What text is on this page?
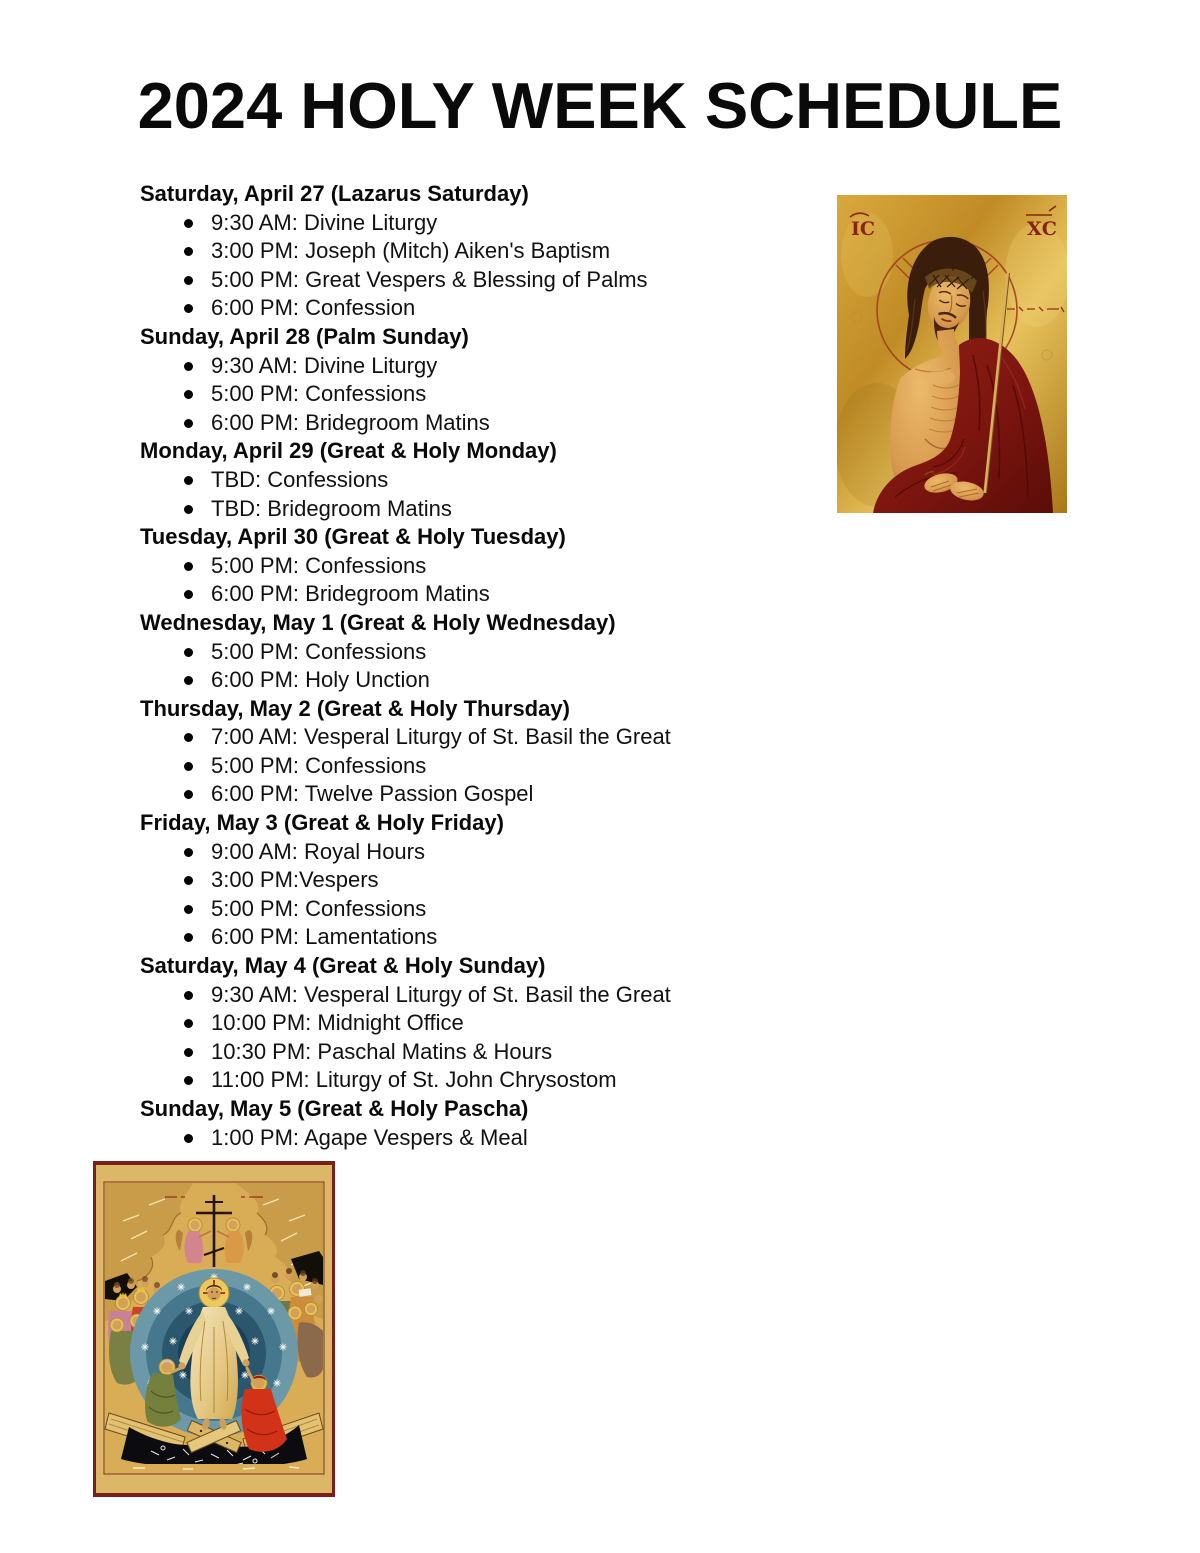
2024 HOLY WEEK SCHEDULE
Saturday, April 27 (Lazarus Saturday)
9:30 AM: Divine Liturgy
3:00 PM: Joseph (Mitch) Aiken's Baptism
5:00 PM: Great Vespers & Blessing of Palms
6:00 PM: Confession
Sunday, April 28 (Palm Sunday)
9:30 AM: Divine Liturgy
5:00 PM: Confessions
6:00 PM: Bridegroom Matins
Monday, April 29 (Great & Holy Monday)
TBD: Confessions
TBD: Bridegroom Matins
Tuesday, April 30 (Great & Holy Tuesday)
5:00 PM: Confessions
6:00 PM: Bridegroom Matins
Wednesday, May 1 (Great & Holy Wednesday)
5:00 PM: Confessions
6:00 PM: Holy Unction
Thursday, May 2 (Great & Holy Thursday)
7:00 AM: Vesperal Liturgy of St. Basil the Great
5:00 PM: Confessions
6:00 PM: Twelve Passion Gospel
Friday, May 3 (Great & Holy Friday)
9:00 AM: Royal Hours
3:00 PM:Vespers
5:00 PM: Confessions
6:00 PM: Lamentations
Saturday, May 4 (Great & Holy Sunday)
9:30 AM: Vesperal Liturgy of St. Basil the Great
10:00 PM: Midnight Office
10:30 PM: Paschal Matins & Hours
11:00 PM: Liturgy of St. John Chrysostom
Sunday, May 5 (Great & Holy Pascha)
1:00 PM: Agape Vespers & Meal
ІС	ХС
